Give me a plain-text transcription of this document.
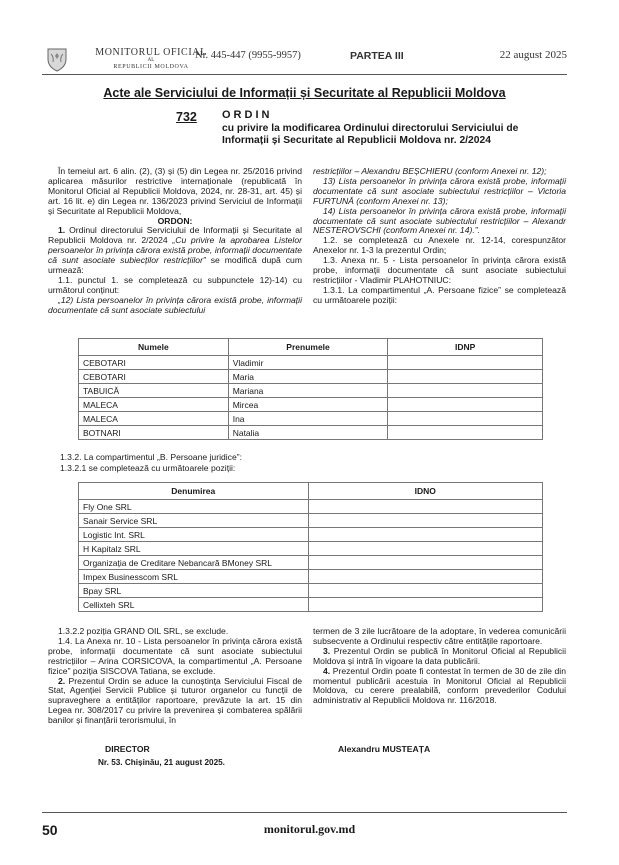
MONITORUL OFICIAL
AL
REPUBLICII MOLDOVA
Nr. 445-447 (9955-9957)	PARTEA III	22 august 2025
Acte ale Serviciului de Informații și Securitate al Republicii Moldova
732 ORDIN
cu privire la modificarea Ordinului directorului Serviciului de Informații și Securitate al Republicii Moldova nr. 2/2024

În temeiul art. 6 alin. (2), (3) și (5) din Legea nr. 25/2016 privind aplicarea măsurilor restrictive internaționale (republicată în Monitorul Oficial al Republicii Moldova, 2024, nr. 28-31, art. 45) și art. 16 lit. e) din Legea nr. 136/2023 privind Serviciul de Informații și Securitate al Republicii Moldova,

ORDON:

1. Ordinul directorului Serviciului de Informații și Securitate al Republicii Moldova nr. 2/2024 „Cu privire la aprobarea Listelor persoanelor în privința cărora există probe, informații documentate că sunt asociate subiecților restricțiilor” se modifică după cum urmează:

1.1. punctul 1. se completează cu subpunctele 12)-14) cu următorul conținut:

„12) Lista persoanelor în privința cărora există probe, informații documentate că sunt asociate subiectului

restricțiilor – Alexandru BEȘCHIERU (conform Anexei nr. 12);

13) Lista persoanelor în privința cărora există probe, informații documentate că sunt asociate subiectului restricțiilor – Victoria FURTUNĂ (conform Anexei nr. 13);

14) Lista persoanelor în privința cărora există probe, informații documentate că sunt asociate subiectului restricțiilor – Alexandr NESTEROVSCHI (conform Anexei nr. 14).”.

1.2. se completează cu Anexele nr. 12-14, corespunzător Anexelor nr. 1-3 la prezentul Ordin;

1.3. Anexa nr. 5 - Lista persoanelor în privința cărora există probe, informații documentate că sunt asociate subiectului restricțiilor - Vladimir PLAHOTNIUC:

1.3.1. La compartimentul „A. Persoane fizice” se completează cu următoarele poziții:

Numele	Prenumele	IDNP
CEBOTARI	Vladimir	
CEBOTARI	Maria	
TABUICĂ	Mariana	
MALECA	Mircea	
MALECA	Ina	
BOTNARI	Natalia	
1.3.2. La compartimentul „B. Persoane juridice”:
1.3.2.1 se completează cu următoarele poziții:
Denumirea	IDNO
Fly One SRL	
Sanair Service SRL	
Logistic Int. SRL	
H Kapitalz SRL	
Organizația de Creditare Nebancară BMoney SRL	
Impex Businesscom SRL	
Bpay SRL	
Cellixteh SRL	

1.3.2.2 poziția GRAND OIL SRL, se exclude.

1.4. La Anexa nr. 10 - Lista persoanelor în privința cărora există probe, informații documentate că sunt asociate subiectului restricțiilor – Arina CORSICOVA, la compartimentul „A. Persoane fizice” poziția SISCOVA Tatiana, se exclude.

2. Prezentul Ordin se aduce la cunoștința Serviciului Fiscal de Stat, Agenției Servicii Publice și tuturor organelor cu funcții de supraveghere a entităților raportoare, prevăzute la art. 15 din Legea nr. 308/2017 cu privire la prevenirea și combaterea spălării banilor și finanțării terorismului, în

termen de 3 zile lucrătoare de la adoptare, în vederea comunicării subsecvente a Ordinului respectiv către entitățile raportoare.

3. Prezentul Ordin se publică în Monitorul Oficial al Republicii Moldova și intră în vigoare la data publicării.

4. Prezentul Ordin poate fi contestat în termen de 30 de zile din momentul publicării acestuia în Monitorul Oficial al Republicii Moldova, cu cerere prealabilă, conform prevederilor Codului administrativ al Republicii Moldova nr. 116/2018.

DIRECTOR	Alexandru MUSTEAȚA
Nr. 53. Chișinău, 21 august 2025.
50	monitorul.gov.md
